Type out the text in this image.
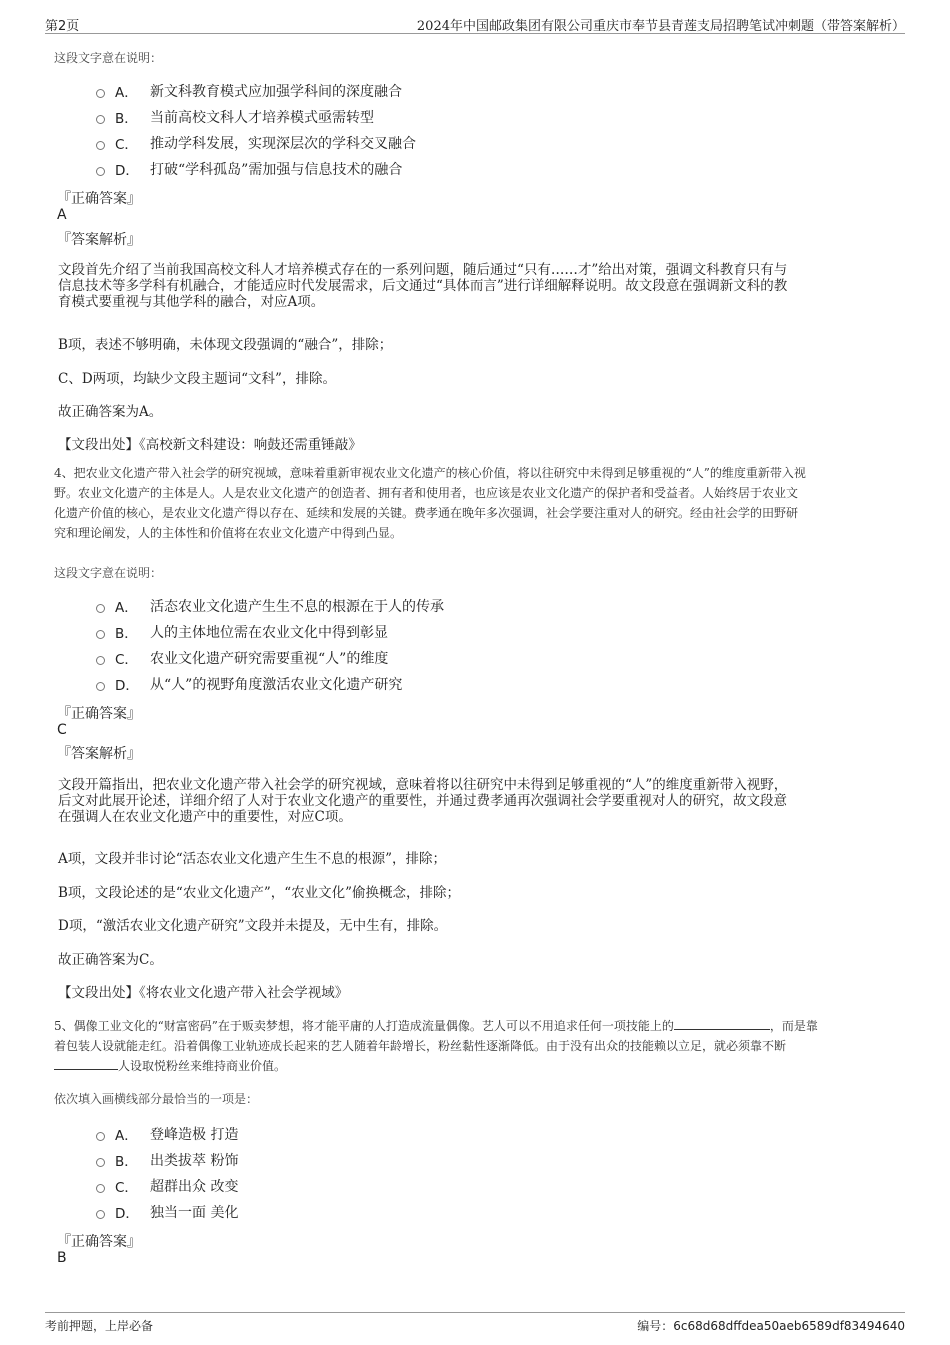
第2页	2024年中国邮政集团有限公司重庆市奉节县青莲支局招聘笔试冲刺题（带答案解析）
这段文字意在说明：
A． 新文科教育模式应加强学科间的深度融合
B． 当前高校文科人才培养模式亟需转型
C． 推动学科发展，实现深层次的学科交叉融合
D． 打破“学科孤岛”需加强与信息技术的融合
『正确答案』
A
『答案解析』
文段首先介绍了当前我国高校文科人才培养模式存在的一系列问题，随后通过“只有……才”给出对策，强调文科教育只有与
信息技术等多学科有机融合，才能适应时代发展需求，后文通过“具体而言”进行详细解释说明。故文段意在强调新文科的教
育模式要重视与其他学科的融合，对应A项。
B项，表述不够明确，未体现文段强调的“融合”，排除；
C、D两项，均缺少文段主题词“文科”，排除。
故正确答案为A。
【文段出处】《高校新文科建设：响鼓还需重锤敲》
4、把农业文化遗产带入社会学的研究视域，意味着重新审视农业文化遗产的核心价值，将以往研究中未得到足够重视的“人”的维度重新带入视
野。农业文化遗产的主体是人。人是农业文化遗产的创造者、拥有者和使用者，也应该是农业文化遗产的保护者和受益者。人始终居于农业文
化遗产价值的核心，是农业文化遗产得以存在、延续和发展的关键。费孝通在晚年多次强调，社会学要注重对人的研究。经由社会学的田野研
究和理论阐发，人的主体性和价值将在农业文化遗产中得到凸显。
这段文字意在说明：
A． 活态农业文化遗产生生不息的根源在于人的传承
B． 人的主体地位需在农业文化中得到彰显
C． 农业文化遗产研究需要重视“人”的维度
D． 从“人”的视野角度激活农业文化遗产研究
『正确答案』
C
『答案解析』
文段开篇指出，把农业文化遗产带入社会学的研究视域，意味着将以往研究中未得到足够重视的“人”的维度重新带入视野，
后文对此展开论述，详细介绍了人对于农业文化遗产的重要性，并通过费孝通再次强调社会学要重视对人的研究，故文段意
在强调人在农业文化遗产中的重要性，对应C项。
A项，文段并非讨论“活态农业文化遗产生生不息的根源”，排除；
B项，文段论述的是“农业文化遗产”，“农业文化”偷换概念，排除；
D项，“激活农业文化遗产研究”文段并未提及，无中生有，排除。
故正确答案为C。
【文段出处】《将农业文化遗产带入社会学视域》
5、偶像工业文化的“财富密码”在于贩卖梦想，将才能平庸的人打造成流量偶像。艺人可以不用追求任何一项技能上的	，而是靠
着包装人设就能走红。沿着偶像工业轨迹成长起来的艺人随着年龄增长，粉丝黏性逐渐降低。由于没有出众的技能赖以立足，就必须靠不断
人设取悦粉丝来维持商业价值。
依次填入画横线部分最恰当的一项是：
A． 登峰造极 打造
B． 出类拔萃 粉饰
C． 超群出众 改变
D． 独当一面 美化
『正确答案』
B
考前押题，上岸必备	编号：6c68d68dffdea50aeb6589df83494640
